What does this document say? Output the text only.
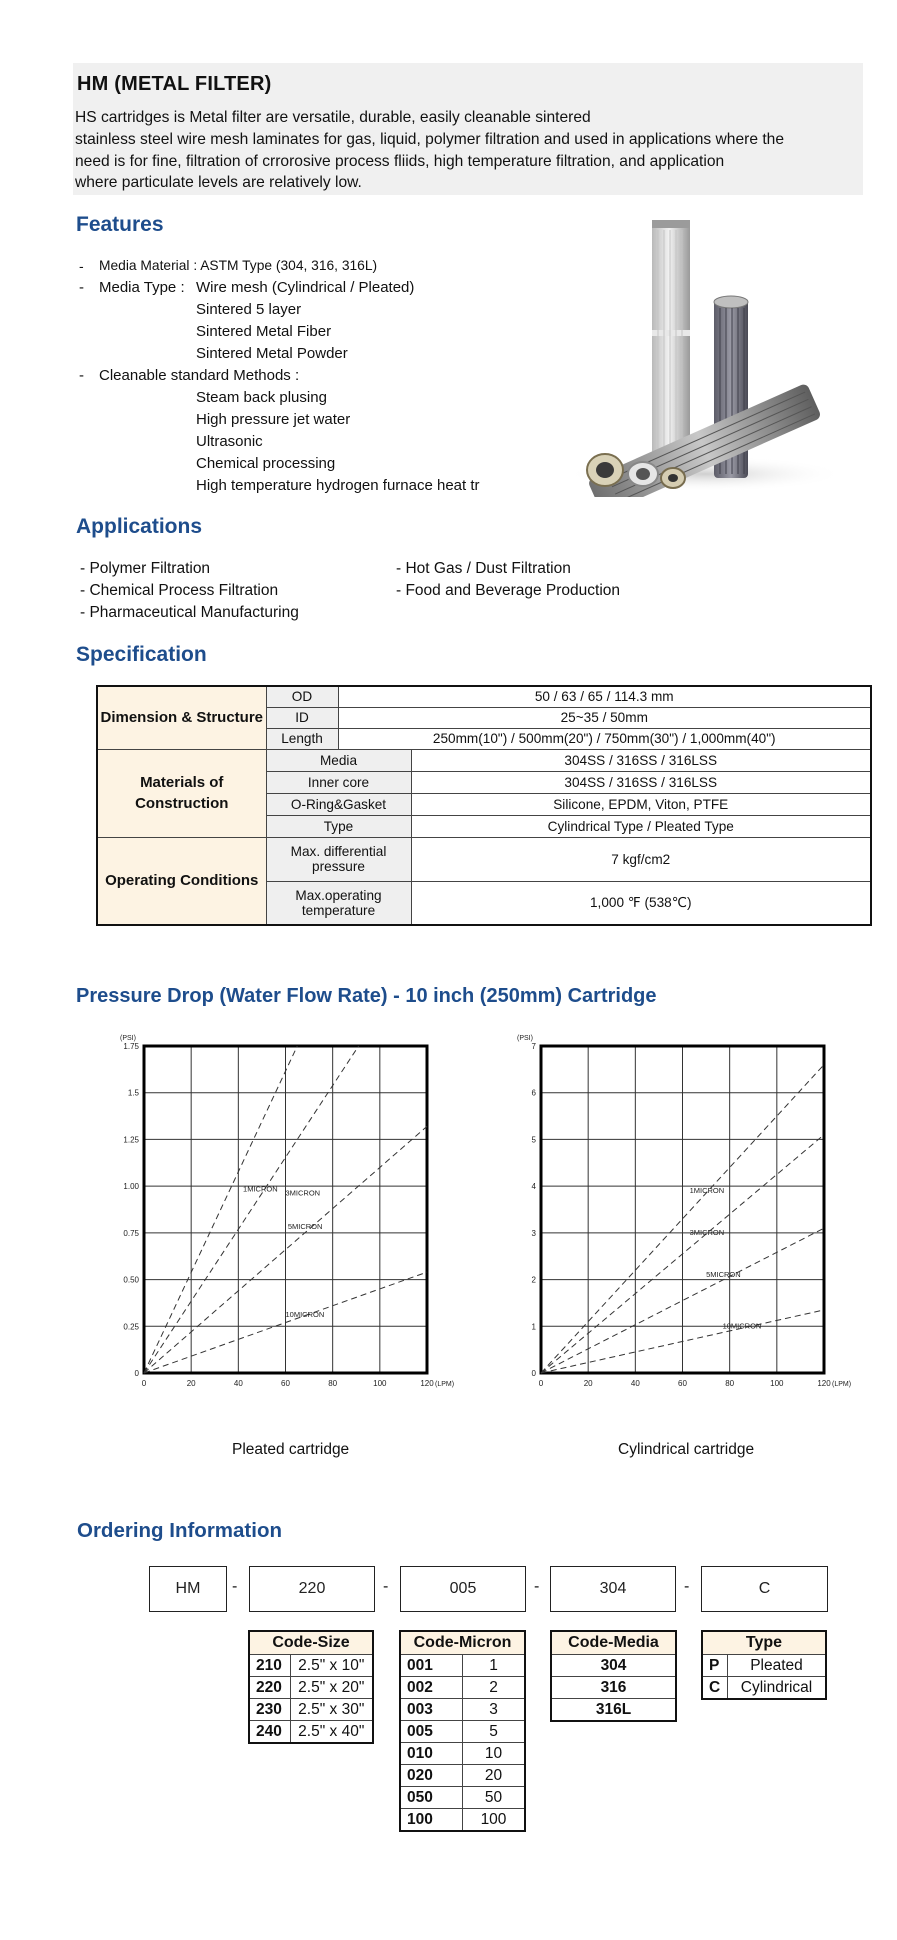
HM (METAL FILTER)
HS cartridges is Metal filter are versatile, durable, easily cleanable sintered
stainless steel wire mesh laminates for gas, liquid, polymer filtration and used in applications where the
need is for fine, filtration of crrorosive process fliids, high temperature filtration, and application
where particulate levels are relatively low.
Features
- Media Material : ASTM Type (304, 316, 316L)
- Media Type : Wire mesh (Cylindrical / Pleated)
Sintered 5 layer
Sintered Metal Fiber
Sintered Metal Powder
- Cleanable standard Methods :
Steam back plusing
High pressure jet water
Ultrasonic
Chemical processing
High temperature hydrogen furnace heat tr
Applications
- Polymer Filtration
- Chemical Process Filtration
- Pharmaceutical Manufacturing
- Hot Gas / Dust Filtration
- Food and Beverage Production
Specification
Dimension & Structure	OD	50 / 63 / 65 / 114.3 mm	
	ID	25~35 / 50mm	
	Length	250mm(10") / 500mm(20") / 750mm(30") / 1,000mm(40")	
Materials of Construction	Media		304SS / 316SS / 316LSS
	Inner core		304SS / 316SS / 316LSS
	O-Ring&Gasket		Silicone, EPDM, Viton, PTFE
	Type		Cylindrical Type / Pleated Type
Operating Conditions	Max. differential pressure		7 kgf/cm2
	Max.operating temperature		1,000 ℉ (538℃)
Pressure Drop (Water Flow Rate) - 10 inch (250mm) Cartridge
0	20	40	60	80	100	120
0
0.25
0.50
0.75
1.00
1.25
1.5
1.75
(PSI)
(LPM)
1MICRON 3MICRON
5MICRON
10MICRON
0	20	40	60	80	100	120
0
1
2
3
4
5
6
7
(PSI)
(LPM)
1MICRON
3MICRON
5MICRON
10MICRON
Pleated cartridge	Cylindrical cartridge
Ordering Information
HM	-	220	-	005	-	304	-	C
Code-Size	
210	2.5" x 10"
220	2.5" x 20"
230	2.5" x 30"
240	2.5" x 40"
Code-Micron	
001	1
002	2
003	3
005	5
010	10
020	20
050	50
100	100
Code-Media
304
316
316L
Type	
P	Pleated
C	Cylindrical
